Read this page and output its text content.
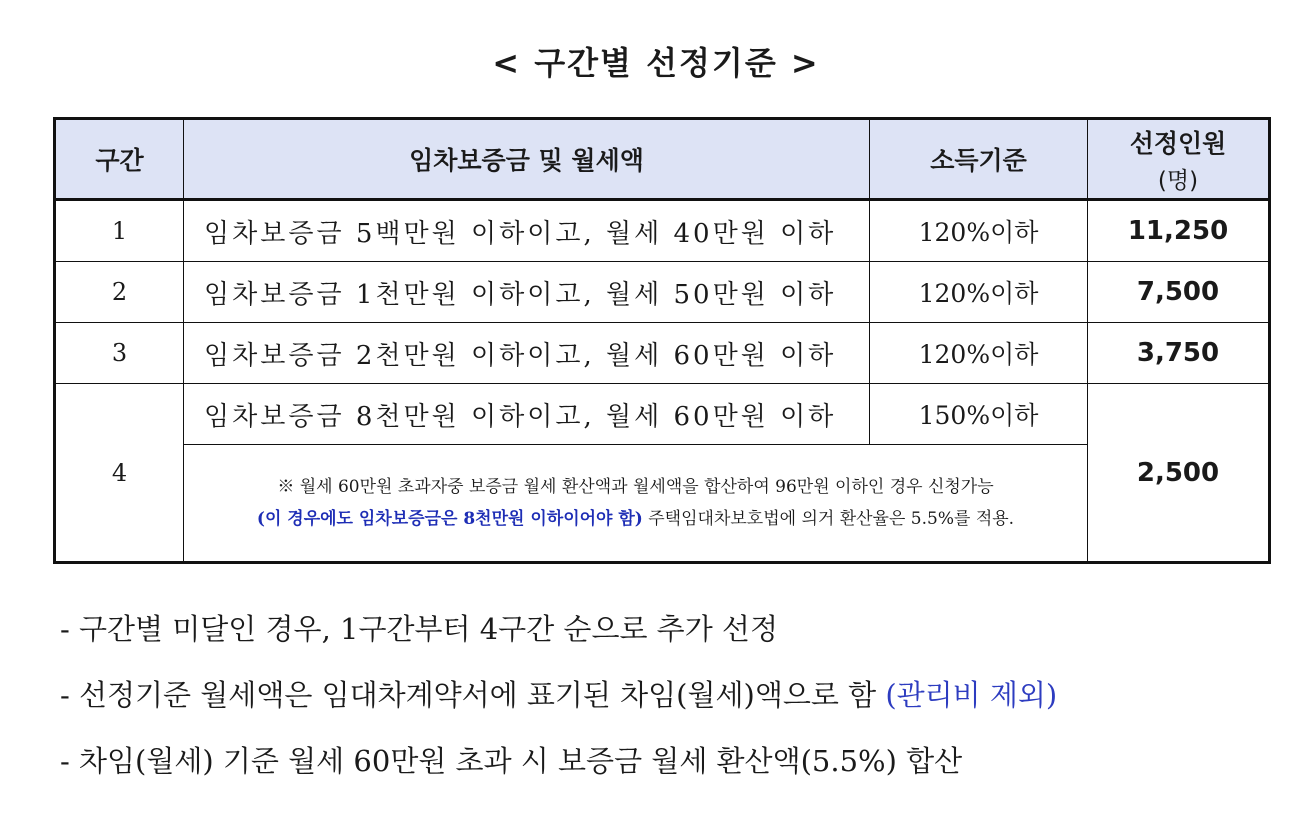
< 구간별 선정기준 >
구간	임차보증금 및 월세액	소득기준	선정인원
(명)

1	임차보증금 5백만원 이하이고, 월세 40만원 이하	120%이하	11,250
2	임차보증금 1천만원 이하이고, 월세 50만원 이하	120%이하	7,500
3	임차보증금 2천만원 이하이고, 월세 60만원 이하	120%이하	3,750
4	임차보증금 8천만원 이하이고, 월세 60만원 이하	150%이하	2,500

	※ 월세 60만원 초과자중 보증금 월세 환산액과 월세액을 합산하여 96만원 이하인 경우 신청가능
(이 경우에도 임차보증금은 8천만원 이하이어야 함) 주택임대차보호법에 의거 환산율은 5.5%를 적용.		
- 구간별 미달인 경우, 1구간부터 4구간 순으로 추가 선정
- 선정기준 월세액은 임대차계약서에 표기된 차임(월세)액으로 함 (관리비 제외)
- 차임(월세) 기준 월세 60만원 초과 시 보증금 월세 환산액(5.5%) 합산
